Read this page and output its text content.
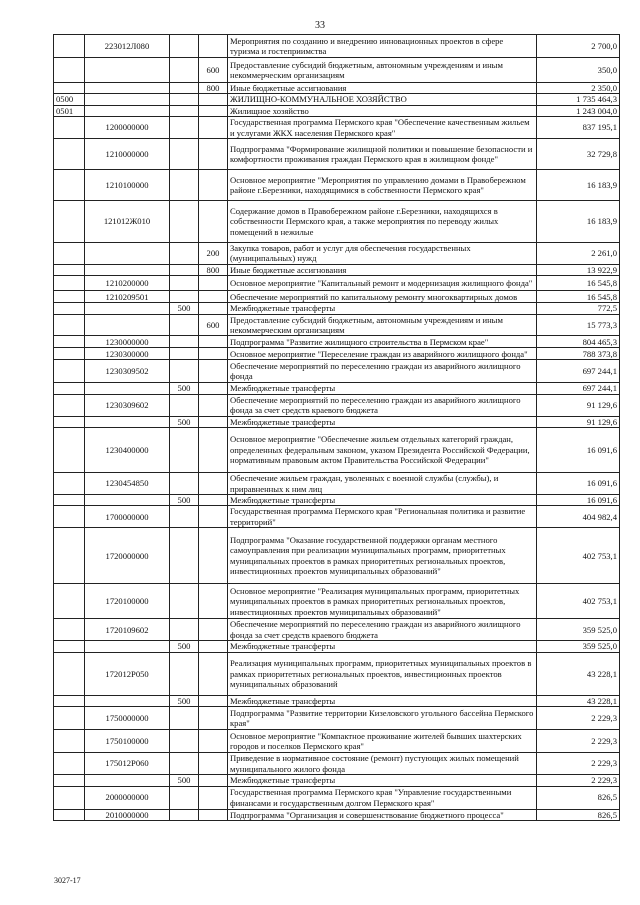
33
	223012Л080			Мероприятия по созданию и внедрению инновационных проектов в сфере туризма и гостеприимства	2 700,0
			600	Предоставление субсидий бюджетным, автономным учреждениям и иным некоммерческим организациям	350,0
			800	Иные бюджетные ассигнования	2 350,0
0500				ЖИЛИЩНО-КОММУНАЛЬНОЕ ХОЗЯЙСТВО	1 735 464,3
0501				Жилищное хозяйство	1 243 004,0
	1200000000			Государственная программа Пермского края "Обеспечение качественным жильем и услугами ЖКХ населения Пермского края"	837 195,1
	1210000000			Подпрограмма "Формирование жилищной политики и повышение безопасности и комфортности проживания граждан Пермского края в жилищном фонде"	32 729,8
	1210100000			Основное мероприятие "Мероприятия по управлению домами в Правобережном районе г.Березники, находящимися в собственности Пермского края"	16 183,9
	121012Ж010			Содержание домов в Правобережном районе г.Березники, находящихся в собственности Пермского края, а также мероприятия по переводу жилых помещений в нежилые	16 183,9
			200	Закупка товаров, работ и услуг для обеспечения государственных (муниципальных) нужд	2 261,0
			800	Иные бюджетные ассигнования	13 922,9
	1210200000			Основное мероприятие "Капитальный ремонт и модернизация жилищного фонда"	16 545,8
	1210209501			Обеспечение мероприятий по капитальному ремонту многоквартирных домов	16 545,8
		500		Межбюджетные трансферты	772,5
			600	Предоставление субсидий бюджетным, автономным учреждениям и иным некоммерческим организациям	15 773,3
	1230000000			Подпрограмма "Развитие жилищного строительства в Пермском крае"	804 465,3
	1230300000			Основное мероприятие "Переселение граждан из аварийного жилищного фонда"	788 373,8
	1230309502			Обеспечение мероприятий по переселению граждан из аварийного жилищного фонда	697 244,1
		500		Межбюджетные трансферты	697 244,1
	1230309602			Обеспечение мероприятий по переселению граждан из аварийного жилищного фонда за счет средств краевого бюджета	91 129,6
		500		Межбюджетные трансферты	91 129,6
	1230400000			Основное мероприятие "Обеспечение жильем отдельных категорий граждан, определенных федеральным законом, указом Президента Российской Федерации, нормативным правовым актом Правительства Российской Федерации"	16 091,6
	1230454850			Обеспечение жильем граждан, уволенных с военной службы (службы), и приравненных к ним лиц	16 091,6
		500		Межбюджетные трансферты	16 091,6
	1700000000			Государственная программа Пермского края "Региональная политика и развитие территорий"	404 982,4
	1720000000			Подпрограмма "Оказание государственной поддержки органам местного самоуправления при реализации муниципальных программ, приоритетных муниципальных проектов в рамках приоритетных региональных проектов, инвестиционных проектов муниципальных образований"	402 753,1
	1720100000			Основное мероприятие "Реализация муниципальных программ, приоритетных муниципальных проектов в рамках приоритетных региональных проектов, инвестиционных проектов муниципальных образований"	402 753,1
	1720109602			Обеспечение мероприятий по переселению граждан из аварийного жилищного фонда за счет средств краевого бюджета	359 525,0
		500		Межбюджетные трансферты	359 525,0
	172012Р050			Реализация муниципальных программ, приоритетных муниципальных проектов в рамках приоритетных региональных проектов, инвестиционных проектов муниципальных образований	43 228,1
		500		Межбюджетные трансферты	43 228,1
	1750000000			Подпрограмма "Развитие территории Кизеловского угольного бассейна Пермского края"	2 229,3
	1750100000			Основное мероприятие "Компактное проживание жителей бывших шахтерских городов и поселков Пермского края"	2 229,3
	175012Р060			Приведение в нормативное состояние (ремонт) пустующих жилых помещений муниципального жилого фонда	2 229,3
		500		Межбюджетные трансферты	2 229,3
	2000000000			Государственная программа Пермского края "Управление государственными финансами и государственным долгом Пермского края"	826,5
	2010000000			Подпрограмма "Организация и совершенствование бюджетного процесса"	826,5
3027-17
